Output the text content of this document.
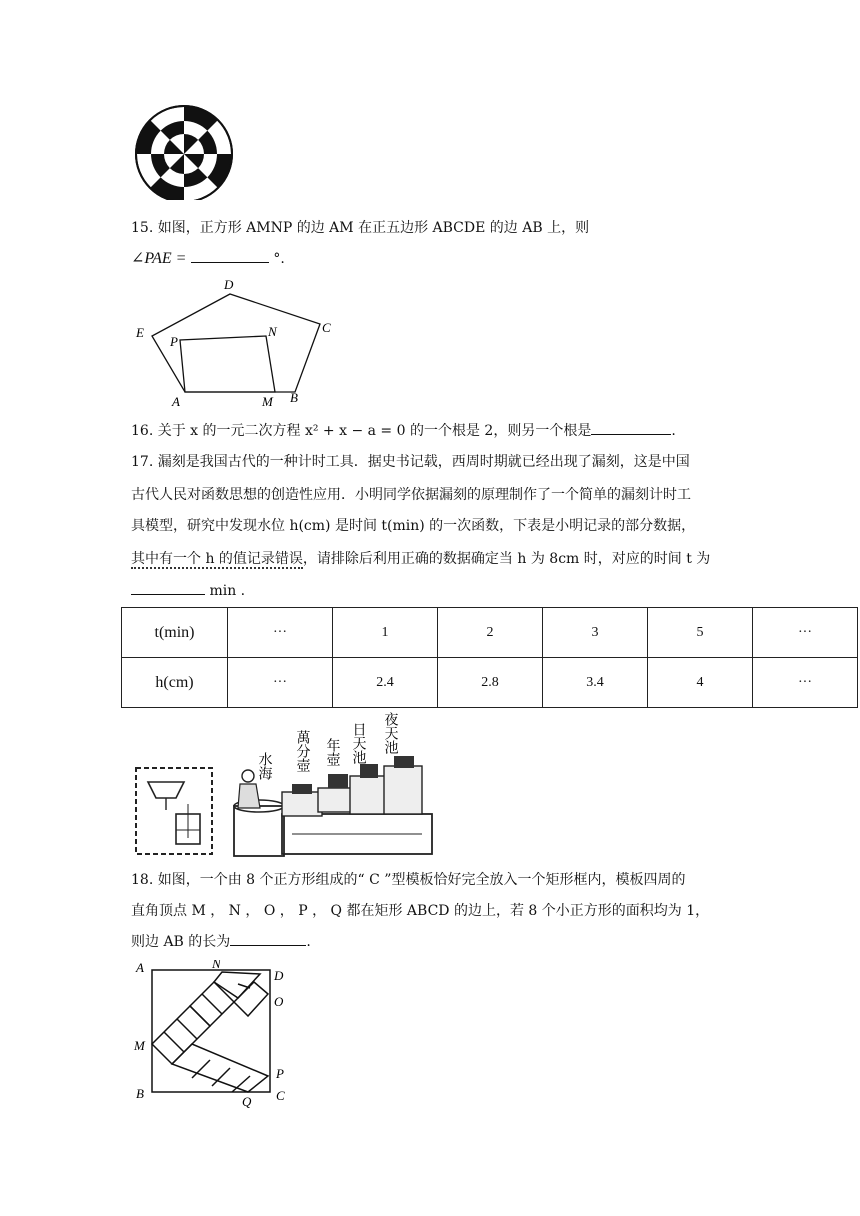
15. 如图，正方形 AMNP 的边 AM 在正五边形 ABCDE 的边 AB 上，则
∠PAE =	°.
D
E	C
P
N
A	M B
16. 关于 x 的一元二次方程 x² + x − a = 0 的一个根是 2，则另一个根是	.
17. 漏刻是我国古代的一种计时工具．据史书记载，西周时期就已经出现了漏刻，这是中国
古代人民对函数思想的创造性应用．小明同学依据漏刻的原理制作了一个简单的漏刻计时工
具模型，研究中发现水位 h(cm) 是时间 t(min) 的一次函数，下表是小明记录的部分数据，
其中有一个 h 的值记录错误，请排除后利用正确的数据确定当 h 为 8cm 时，对应的时间 t 为
min .
t(min)	···	1	2	3	5	···
h(cm)	···	2.4	2.8	3.4	4	···
水海 萬分壺 年壺 日天池 夜天池
18. 如图，一个由 8 个正方形组成的“ C ”型模板恰好完全放入一个矩形框内，模板四周的
直角顶点 M ， N ， O ， P ， Q 都在矩形 ABCD 的边上，若 8 个小正方形的面积均为 1，
则边 AB 的长为	.
A	N
D
O
M
P
B
Q C
